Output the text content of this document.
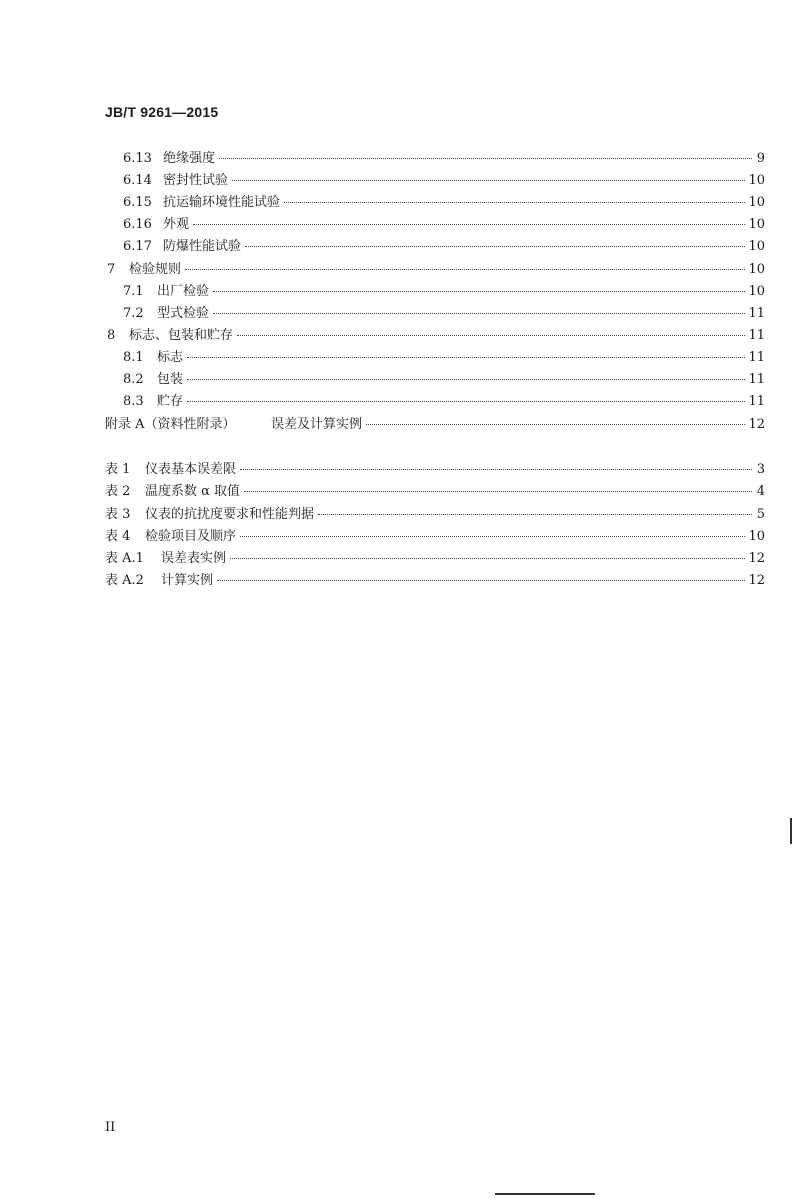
JB/T 9261—2015
6.13 绝缘强度	9
6.14 密封性试验	10
6.15 抗运输环境性能试验	10
6.16 外观	10
6.17 防爆性能试验	10
7	检验规则	10
7.1	出厂检验	10
7.2	型式检验	11
8	标志、包装和贮存	11
8.1	标志	11
8.2	包装	11
8.3	贮存	11
附录 A（资料性附录）	误差及计算实例	12
表 1	仪表基本误差限	3
表 2	温度系数 α 取值	4
表 3	仪表的抗扰度要求和性能判据	5
表 4	检验项目及顺序	10
表 A.1	误差表实例	12
表 A.2	计算实例	12
II
